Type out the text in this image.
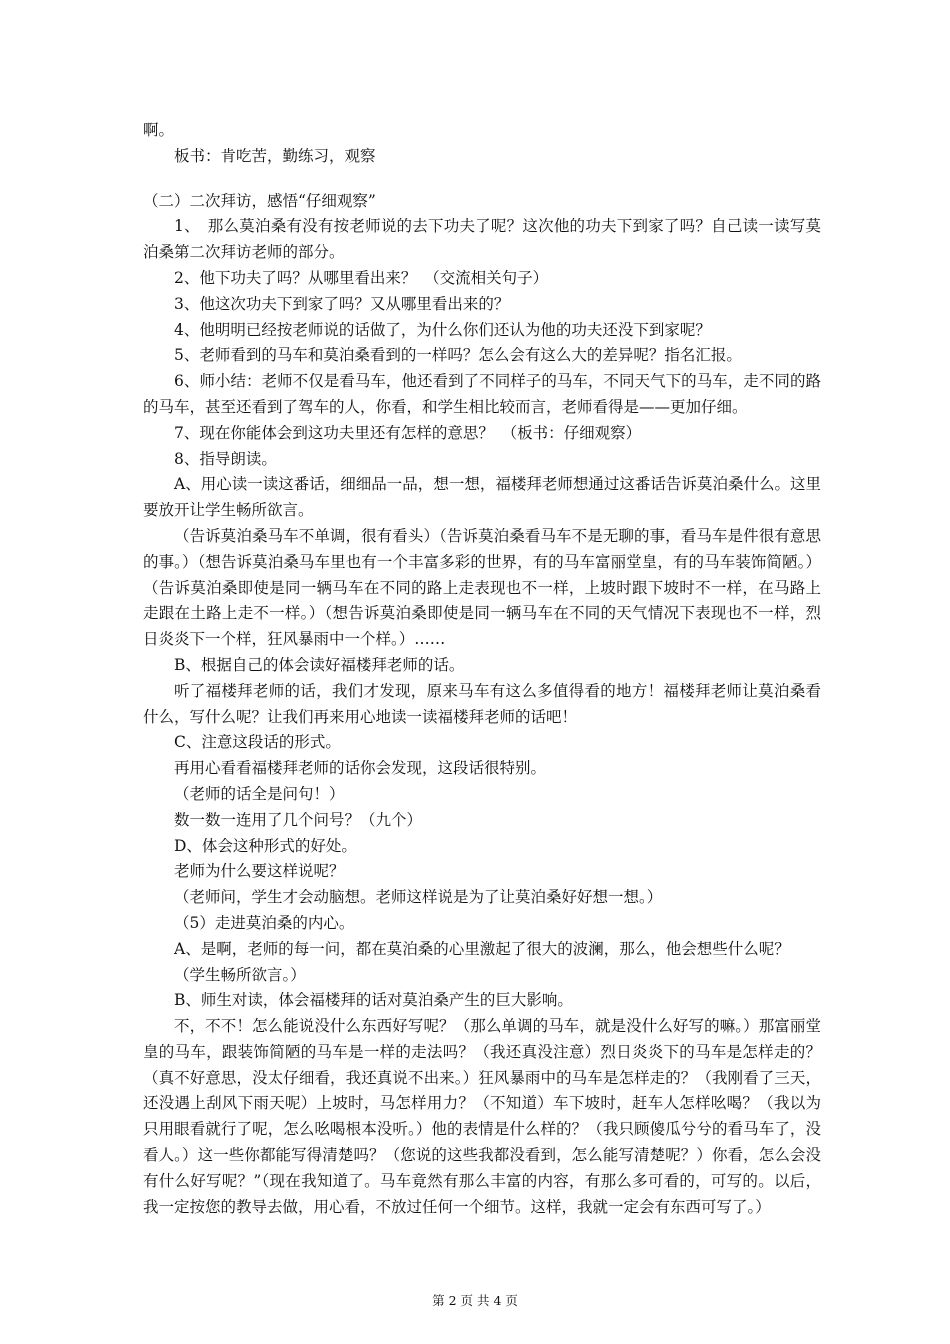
啊。

板书：肯吃苦，勤练习，观察

（二）二次拜访，感悟“仔细观察”

1、　那么莫泊桑有没有按老师说的去下功夫了呢？这次他的功夫下到家了吗？自己读一读写莫泊桑第二次拜访老师的部分。

2、他下功夫了吗？从哪里看出来？　（交流相关句子）

3、他这次功夫下到家了吗？又从哪里看出来的？

4、他明明已经按老师说的话做了，为什么你们还认为他的功夫还没下到家呢？

5、老师看到的马车和莫泊桑看到的一样吗？怎么会有这么大的差异呢？指名汇报。

6、师小结：老师不仅是看马车，他还看到了不同样子的马车，不同天气下的马车，走不同的路的马车，甚至还看到了驾车的人，你看，和学生相比较而言，老师看得是——更加仔细。

7、现在你能体会到这功夫里还有怎样的意思？　（板书：仔细观察）

8、指导朗读。

A、用心读一读这番话，细细品一品，想一想，福楼拜老师想通过这番话告诉莫泊桑什么。这里要放开让学生畅所欲言。

（告诉莫泊桑马车不单调，很有看头）（告诉莫泊桑看马车不是无聊的事，看马车是件很有意思的事。）（想告诉莫泊桑马车里也有一个丰富多彩的世界，有的马车富丽堂皇，有的马车装饰简陋。）（告诉莫泊桑即使是同一辆马车在不同的路上走表现也不一样，上坡时跟下坡时不一样，在马路上走跟在土路上走不一样。）（想告诉莫泊桑即使是同一辆马车在不同的天气情况下表现也不一样，烈日炎炎下一个样，狂风暴雨中一个样。）……

B、根据自己的体会读好福楼拜老师的话。

听了福楼拜老师的话，我们才发现，原来马车有这么多值得看的地方！福楼拜老师让莫泊桑看什么，写什么呢？让我们再来用心地读一读福楼拜老师的话吧！

C、注意这段话的形式。

再用心看看福楼拜老师的话你会发现，这段话很特别。

（老师的话全是问句！）

数一数一连用了几个问号？（九个）

D、体会这种形式的好处。

老师为什么要这样说呢？

（老师问，学生才会动脑想。老师这样说是为了让莫泊桑好好想一想。）

（5）走进莫泊桑的内心。

A、是啊，老师的每一问，都在莫泊桑的心里激起了很大的波澜，那么，他会想些什么呢？

（学生畅所欲言。）

B、师生对读，体会福楼拜的话对莫泊桑产生的巨大影响。

不，不不！怎么能说没什么东西好写呢？（那么单调的马车，就是没什么好写的嘛。）那富丽堂皇的马车，跟装饰简陋的马车是一样的走法吗？（我还真没注意）烈日炎炎下的马车是怎样走的？（真不好意思，没太仔细看，我还真说不出来。）狂风暴雨中的马车是怎样走的？（我刚看了三天，还没遇上刮风下雨天呢）上坡时，马怎样用力？（不知道）车下坡时，赶车人怎样吆喝？（我以为只用眼看就行了呢，怎么吆喝根本没听。）他的表情是什么样的？（我只顾傻瓜兮兮的看马车了，没看人。）这一些你都能写得清楚吗？（您说的这些我都没看到，怎么能写清楚呢？）你看，怎么会没有什么好写呢？”（现在我知道了。马车竟然有那么丰富的内容，有那么多可看的，可写的。以后，我一定按您的教导去做，用心看，不放过任何一个细节。这样，我就一定会有东西可写了。）

第 2 页 共 4 页
